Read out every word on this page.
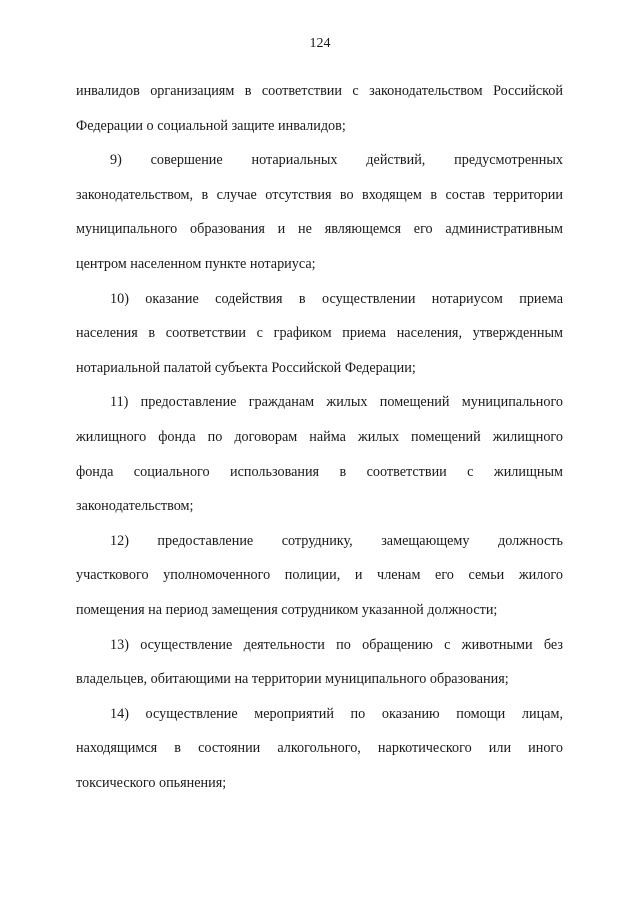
124
инвалидов организациям в соответствии с законодательством Российской
Федерации о социальной защите инвалидов;
9) совершение нотариальных действий, предусмотренных
законодательством, в случае отсутствия во входящем в состав территории
муниципального образования и не являющемся его административным
центром населенном пункте нотариуса;
10) оказание содействия в осуществлении нотариусом приема
населения в соответствии с графиком приема населения, утвержденным
нотариальной палатой субъекта Российской Федерации;
11) предоставление гражданам жилых помещений муниципального
жилищного фонда по договорам найма жилых помещений жилищного
фонда социального использования в соответствии с жилищным
законодательством;
12) предоставление сотруднику, замещающему должность
участкового уполномоченного полиции, и членам его семьи жилого
помещения на период замещения сотрудником указанной должности;
13) осуществление деятельности по обращению с животными без
владельцев, обитающими на территории муниципального образования;
14) осуществление мероприятий по оказанию помощи лицам,
находящимся в состоянии алкогольного, наркотического или иного
токсического опьянения;
